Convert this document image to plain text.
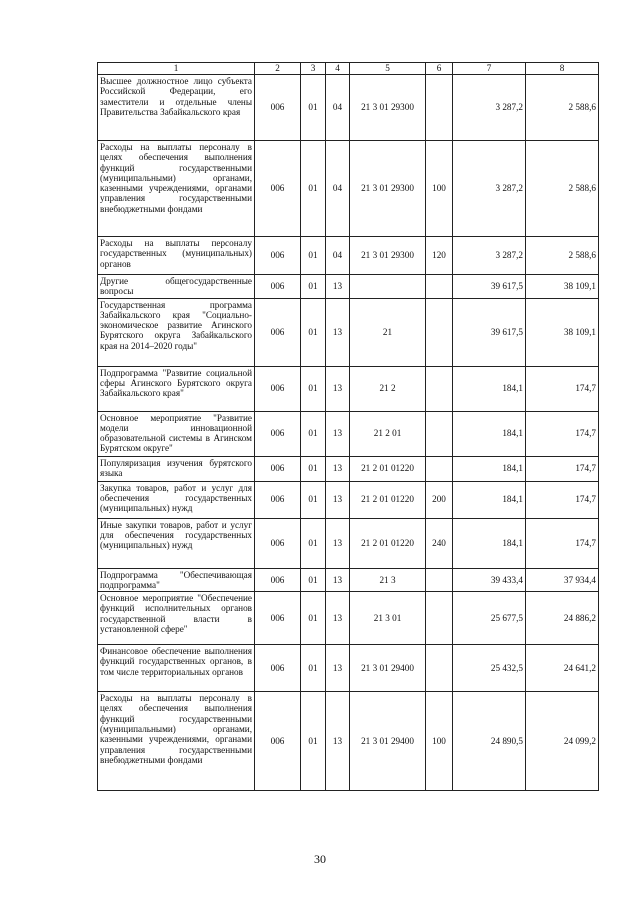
1	2	3	4	5	6	7	8
Высшее должностное лицо субъекта Российской Федерации, его заместители и отдельные члены Правительства Забайкальского края	006	01	04	21 3 01 29300		3 287,2	2 588,6
Расходы на выплаты персоналу в целях обеспечения выполнения функций государственными (муниципальными) органами, казенными учреждениями, органами управления государственными внебюджетными фондами	006	01	04	21 3 01 29300	100	3 287,2	2 588,6
Расходы на выплаты персоналу государственных (муниципальных) органов	006	01	04	21 3 01 29300	120	3 287,2	2 588,6
Другие общегосударственные вопросы	006	01	13			39 617,5	38 109,1
Государственная программа Забайкальского края "Социально-экономическое развитие Агинского Бурятского округа Забайкальского края на 2014–2020 годы"	006	01	13	21		39 617,5	38 109,1
Подпрограмма "Развитие социальной сферы Агинского Бурятского округа Забайкальского края"	006	01	13	21 2		184,1	174,7
Основное мероприятие "Развитие модели инновационной образовательной системы в Агинском Бурятском округе"	006	01	13	21 2 01		184,1	174,7
Популяризация изучения бурятского языка	006	01	13	21 2 01 01220		184,1	174,7
Закупка товаров, работ и услуг для обеспечения государственных (муниципальных) нужд	006	01	13	21 2 01 01220	200	184,1	174,7
Иные закупки товаров, работ и услуг для обеспечения государственных (муниципальных) нужд	006	01	13	21 2 01 01220	240	184,1	174,7
Подпрограмма "Обеспечивающая подпрограмма"	006	01	13	21 3		39 433,4	37 934,4
Основное мероприятие "Обеспечение функций исполнительных органов государственной власти в установленной сфере"	006	01	13	21 3 01		25 677,5	24 886,2
Финансовое обеспечение выполнения функций государственных органов, в том числе территориальных органов	006	01	13	21 3 01 29400		25 432,5	24 641,2
Расходы на выплаты персоналу в целях обеспечения выполнения функций государственными (муниципальными) органами, казенными учреждениями, органами управления государственными внебюджетными фондами	006	01	13	21 3 01 29400	100	24 890,5	24 099,2
30
